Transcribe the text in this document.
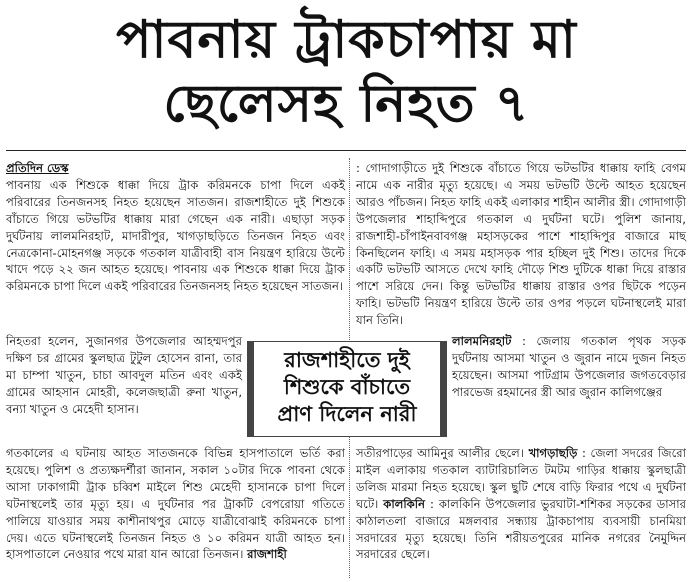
পাবনায় ট্রাকচাপায় মা
ছেলেসহ নিহত ৭

প্রতিদিন ডেস্ক

পাবনায় এক শিশুকে ধাক্কা দিয়ে ট্রাক করিমনকে চাপা দিলে একই পরিবারের তিনজনসহ নিহত হয়েছেন সাতজন। রাজশাহীতে দুই শিশুকে বাঁচাতে গিয়ে ভটভটির ধাক্কায় মারা গেছেন এক নারী। এছাড়া সড়ক দুর্ঘটনায় লালমনিরহাট, মাদারীপুর, খাগড়াছড়িতে তিনজন নিহত এবং নেত্রকোনা-মোহনগঞ্জ সড়কে গতকাল যাত্রীবাহী বাস নিয়ন্ত্রণ হারিয়ে উল্টে খাদে পড়ে ২২ জন আহত হয়েছে। পাবনায় এক শিশুকে ধাক্কা দিয়ে ট্রাক করিমনকে চাপা দিলে একই পরিবারের তিনজনসহ নিহত হয়েছেন সাতজন।

নিহতরা হলেন, সুজানগর উপজেলার আহম্মদপুর দক্ষিণ চর গ্রামের স্কুলছাত্র টুটুল হোসেন রানা, তার মা চাম্পা খাতুন, চাচা আবদুল মতিন এবং একই গ্রামের আহসান মোহরী, কলেজছাত্রী রুনা খাতুন, বন্যা খাতুন ও মেহেদী হাসান।
রাজশাহীতে দুই
শিশুকে বাঁচাতে
প্রাণ দিলেন নারী

গতকালের এ ঘটনায় আহত সাতজনকে বিভিন্ন হাসপাতালে ভর্তি করা হয়েছে। পুলিশ ও প্রত্যক্ষদর্শীরা জানান, সকাল ১০টার দিকে পাবনা থেকে আসা ঢাকাগামী ট্রাক চব্বিশ মাইলে শিশু মেহেদী হাসানকে চাপা দিলে ঘটনাস্থলেই তার মৃত্যু হয়। এ দুর্ঘটনার পর ট্রাকটি বেপরোয়া গতিতে পালিয়ে যাওয়ার সময় কাশীনাথপুর মোড়ে যাত্রীবোঝাই করিমনকে চাপা দেয়। এতে ঘটনাস্থলেই তিনজন নিহত ও ১০ করিমন যাত্রী আহত হন। হাসপাতালে নেওয়ার পথে মারা যান আরো তিনজন। রাজশাহী

: গোদাগাড়ীতে দুই শিশুকে বাঁচাতে গিয়ে ভটভটির ধাক্কায় ফাহি বেগম নামে এক নারীর মৃত্যু হয়েছে। এ সময় ভটভটি উল্টে আহত হয়েছেন আরও পাঁচজন। নিহত ফাহি একই এলাকার শাহীন আলীর স্ত্রী। গোদাগাড়ী উপজেলার শাহাব্দিপুরে গতকাল এ দুর্ঘটনা ঘটে। পুলিশ জানায়, রাজশাহী-চাঁপাইনবাবগঞ্জ মহাসড়কের পাশে শাহাব্দিপুর বাজারে মাছ কিনছিলেন ফাহি। এ সময় মহাসড়ক পার হচ্ছিল দুই শিশু। তাদের দিকে একটি ভটভটি আসতে দেখে ফাহি দৌড়ে শিশু দুটিকে ধাক্কা দিয়ে রাস্তার পাশে সরিয়ে দেন। কিন্তু ভটভটির ধাক্কায় রাস্তার ওপর ছিটকে পড়েন ফাহি। ভটভটি নিয়ন্ত্রণ হারিয়ে উল্টে তার ওপর পড়লে ঘটনাস্থলেই মারা যান তিনি।

লালমনিরহাট : জেলায় গতকাল পৃথক সড়ক দুর্ঘটনায় আসমা খাতুন ও জুরান নামে দুজন নিহত হয়েছেন। আসমা পাটগ্রাম উপজেলার জগতবেড়ার পারভেজ রহমানের স্ত্রী আর জুরান কালিগঞ্জের

সতীরপাড়ের আমিনুর আলীর ছেলে। খাগড়াছড়ি : জেলা সদরের জিরো মাইল এলাকায় গতকাল ব্যাটারিচালিত টমটম গাড়ির ধাক্কায় স্কুলছাত্রী ডলিজ মারমা নিহত হয়েছে। স্কুল ছুটি শেষে বাড়ি ফিরার পথে এ দুর্ঘটনা ঘটে। কালকিনি : কালকিনি উপজেলার ভুরঘাটা-শশিকর সড়কের ডাসার কাঠালতলা বাজারে মঙ্গলবার সন্ধ্যায় ট্রাকচাপায় ব্যবসায়ী চানমিয়া সরদারের মৃত্যু হয়েছে। তিনি শরীয়তপুরের মানিক নগরের নৈমুদ্দিন সরদারের ছেলে।
